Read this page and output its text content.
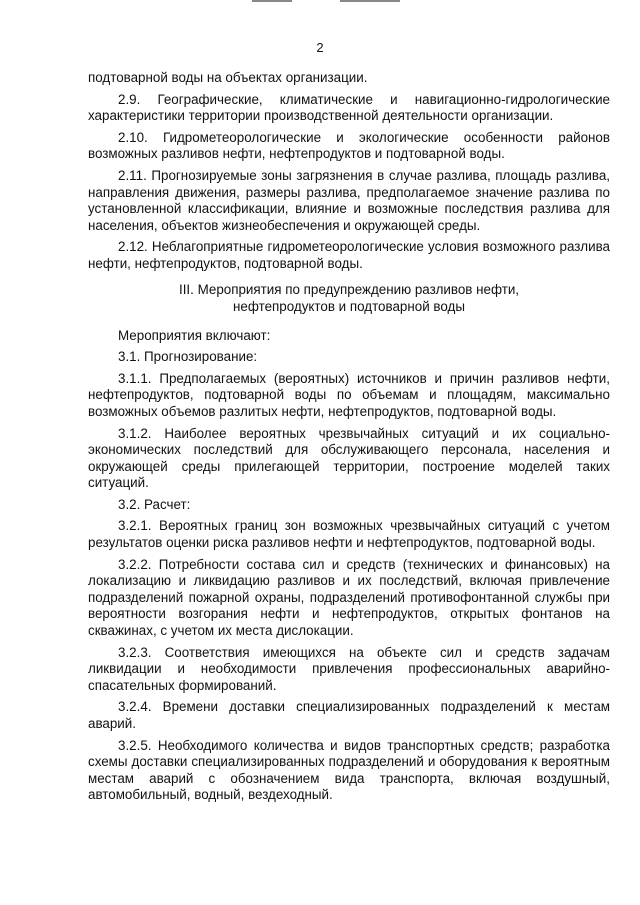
2

подтоварной воды на объектах организации.

2.9. Географические, климатические и навигационно-гидрологические характеристики территории производственной деятельности организации.

2.10. Гидрометеорологические и экологические особенности районов возможных разливов нефти, нефтепродуктов и подтоварной воды.

2.11. Прогнозируемые зоны загрязнения в случае разлива, площадь разлива, направления движения, размеры разлива, предполагаемое значение разлива по установленной классификации, влияние и возможные последствия разлива для населения, объектов жизнеобеспечения и окружающей среды.

2.12. Неблагоприятные гидрометеорологические условия возможного разлива нефти, нефтепродуктов, подтоварной воды.

III. Мероприятия по предупреждению разливов нефти,
нефтепродуктов и подтоварной воды

Мероприятия включают:

3.1. Прогнозирование:

3.1.1. Предполагаемых (вероятных) источников и причин разливов нефти, нефтепродуктов, подтоварной воды по объемам и площадям, максимально возможных объемов разлитых нефти, нефтепродуктов, подтоварной воды.

3.1.2. Наиболее вероятных чрезвычайных ситуаций и их социально-экономических последствий для обслуживающего персонала, населения и окружающей среды прилегающей территории, построение моделей таких ситуаций.

3.2. Расчет:

3.2.1. Вероятных границ зон возможных чрезвычайных ситуаций с учетом результатов оценки риска разливов нефти и нефтепродуктов, подтоварной воды.

3.2.2. Потребности состава сил и средств (технических и финансовых) на локализацию и ликвидацию разливов и их последствий, включая привлечение подразделений пожарной охраны, подразделений противофонтанной службы при вероятности возгорания нефти и нефтепродуктов, открытых фонтанов на скважинах, с учетом их места дислокации.

3.2.3. Соответствия имеющихся на объекте сил и средств задачам ликвидации и необходимости привлечения профессиональных аварийно-спасательных формирований.

3.2.4. Времени доставки специализированных подразделений к местам аварий.

3.2.5. Необходимого количества и видов транспортных средств; разработка схемы доставки специализированных подразделений и оборудования к вероятным местам аварий с обозначением вида транспорта, включая воздушный, автомобильный, водный, вездеходный.
